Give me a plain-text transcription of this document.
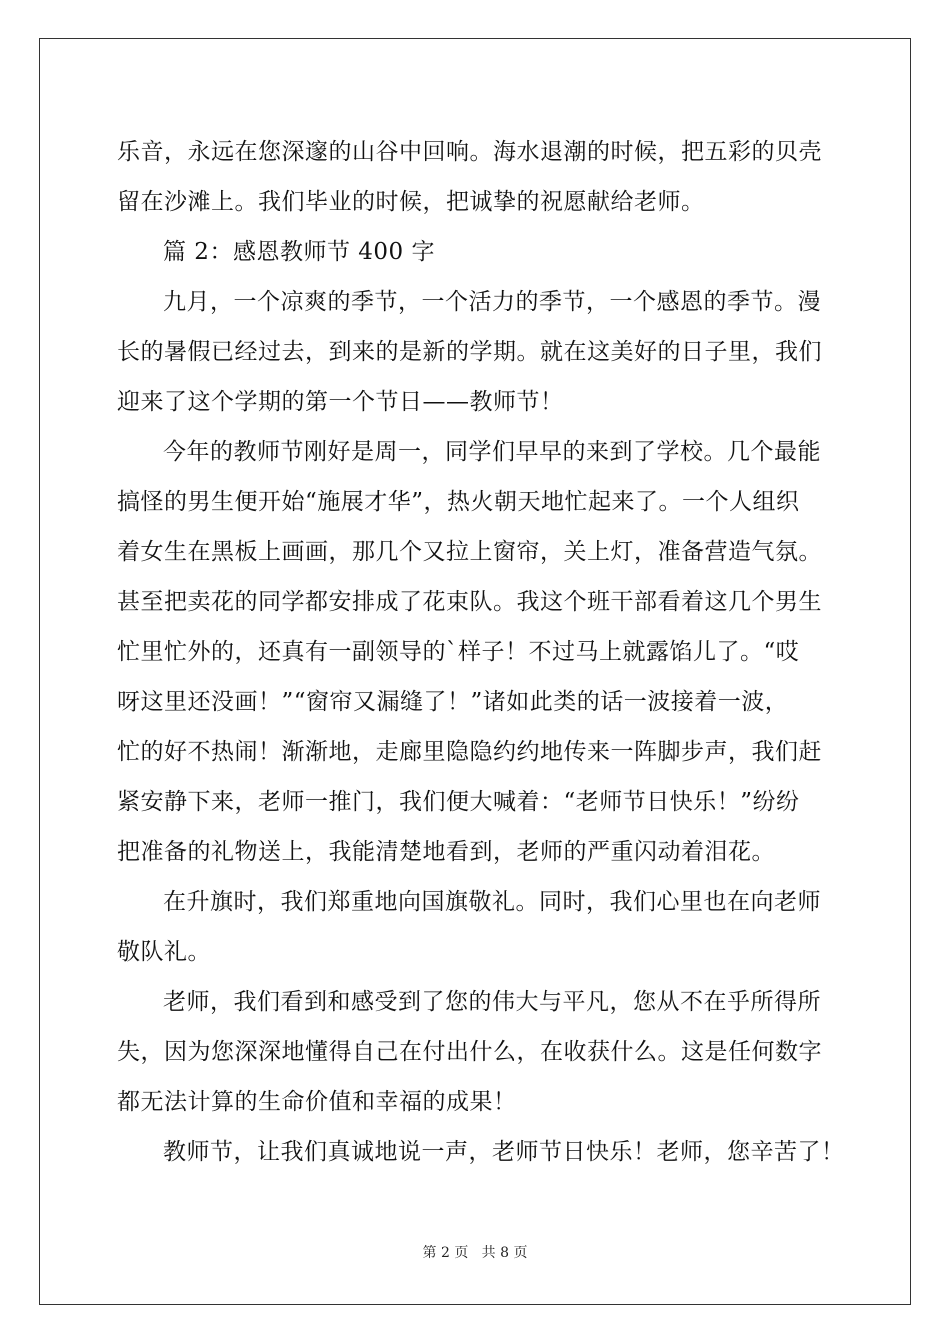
乐音，永远在您深邃的山谷中回响。海水退潮的时候，把五彩的贝壳
留在沙滩上。我们毕业的时候，把诚挚的祝愿献给老师。
篇 2：感恩教师节 400 字
九月，一个凉爽的季节，一个活力的季节，一个感恩的季节。漫
长的暑假已经过去，到来的是新的学期。就在这美好的日子里，我们
迎来了这个学期的第一个节日——教师节！
今年的教师节刚好是周一，同学们早早的来到了学校。几个最能
搞怪的男生便开始“施展才华”，热火朝天地忙起来了。一个人组织
着女生在黑板上画画，那几个又拉上窗帘，关上灯，准备营造气氛。
甚至把卖花的同学都安排成了花束队。我这个班干部看着这几个男生
忙里忙外的，还真有一副领导的`样子！不过马上就露馅儿了。“哎
呀这里还没画！”“窗帘又漏缝了！”诸如此类的话一波接着一波，
忙的好不热闹！渐渐地，走廊里隐隐约约地传来一阵脚步声，我们赶
紧安静下来，老师一推门，我们便大喊着：“老师节日快乐！”纷纷
把准备的礼物送上，我能清楚地看到，老师的严重闪动着泪花。
在升旗时，我们郑重地向国旗敬礼。同时，我们心里也在向老师
敬队礼。
老师，我们看到和感受到了您的伟大与平凡，您从不在乎所得所
失，因为您深深地懂得自己在付出什么，在收获什么。这是任何数字
都无法计算的生命价值和幸福的成果！
教师节，让我们真诚地说一声，老师节日快乐！老师，您辛苦了！
第 2 页   共 8 页
